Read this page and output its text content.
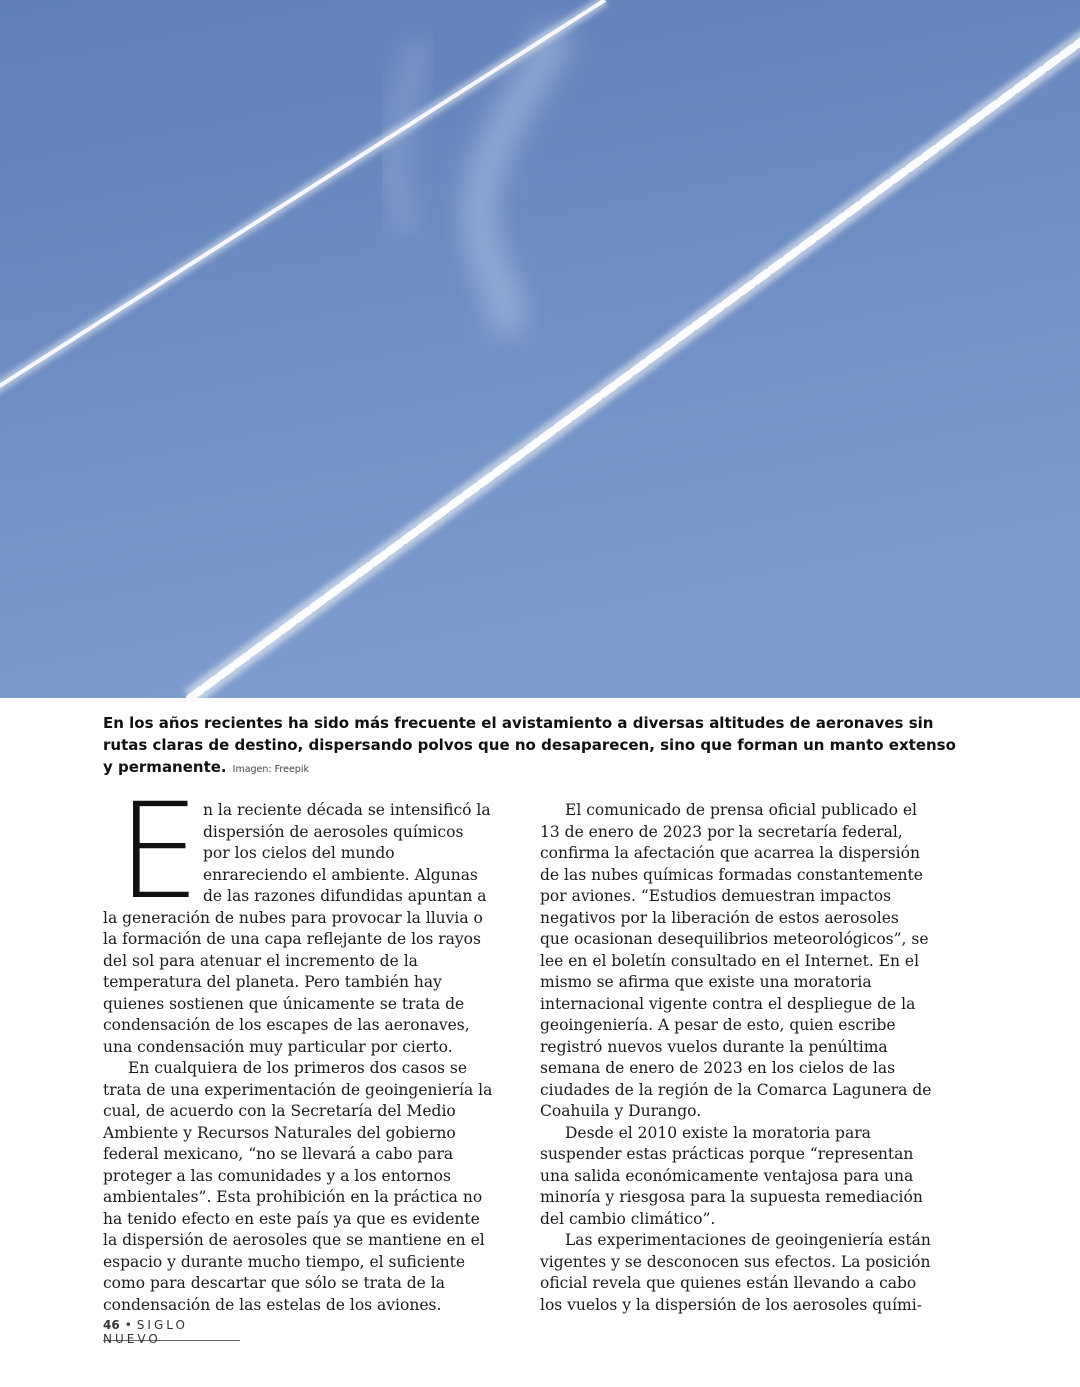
En los años recientes ha sido más frecuente el avistamiento a diversas altitudes de aeronaves sin rutas claras de destino, dispersando polvos que no desaparecen, sino que forman un manto extenso y permanente. Imagen: Freepik
E n la reciente década se intensificó la dispersión de aerosoles químicos por los cielos del mundo enrareciendo el ambiente. Algunas de las razones difundidas apuntan a la generación de nubes para provocar la lluvia o la formación de una capa reflejante de los rayos del sol para atenuar el incremento de la temperatura del planeta. Pero también hay quienes sostienen que únicamente se trata de condensación de los escapes de las aeronaves, una condensación muy particular por cierto.

En cualquiera de los primeros dos casos se trata de una experimentación de geoingeniería la cual, de acuerdo con la Secretaría del Medio Ambiente y Recursos Naturales del gobierno federal mexicano, “no se llevará a cabo para proteger a las comunidades y a los entornos ambientales”. Esta prohibición en la práctica no ha tenido efecto en este país ya que es evidente la dispersión de aerosoles que se mantiene en el espacio y durante mucho tiempo, el suficiente como para descartar que sólo se trata de la condensación de las estelas de los aviones.

El comunicado de prensa oficial publicado el 13 de enero de 2023 por la secretaría federal, confirma la afectación que acarrea la dispersión de las nubes químicas formadas constantemente por aviones. “Estudios demuestran impactos negativos por la liberación de estos aerosoles que ocasionan desequilibrios meteorológicos”, se lee en el boletín consultado en el Internet. En el mismo se afirma que existe una moratoria internacional vigente contra el despliegue de la geoingeniería. A pesar de esto, quien escribe registró nuevos vuelos durante la penúltima semana de enero de 2023 en los cielos de las ciudades de la región de la Comarca Lagunera de Coahuila y Durango.

Desde el 2010 existe la moratoria para suspender estas prácticas porque “representan una salida económicamente ventajosa para una minoría y riesgosa para la supuesta remediación del cambio climático”.

Las experimentaciones de geoingeniería están vigentes y se desconocen sus efectos. La posición oficial revela que quienes están llevando a cabo los vuelos y la dispersión de los aerosoles quími-

46 • SIGLO NUEVO
